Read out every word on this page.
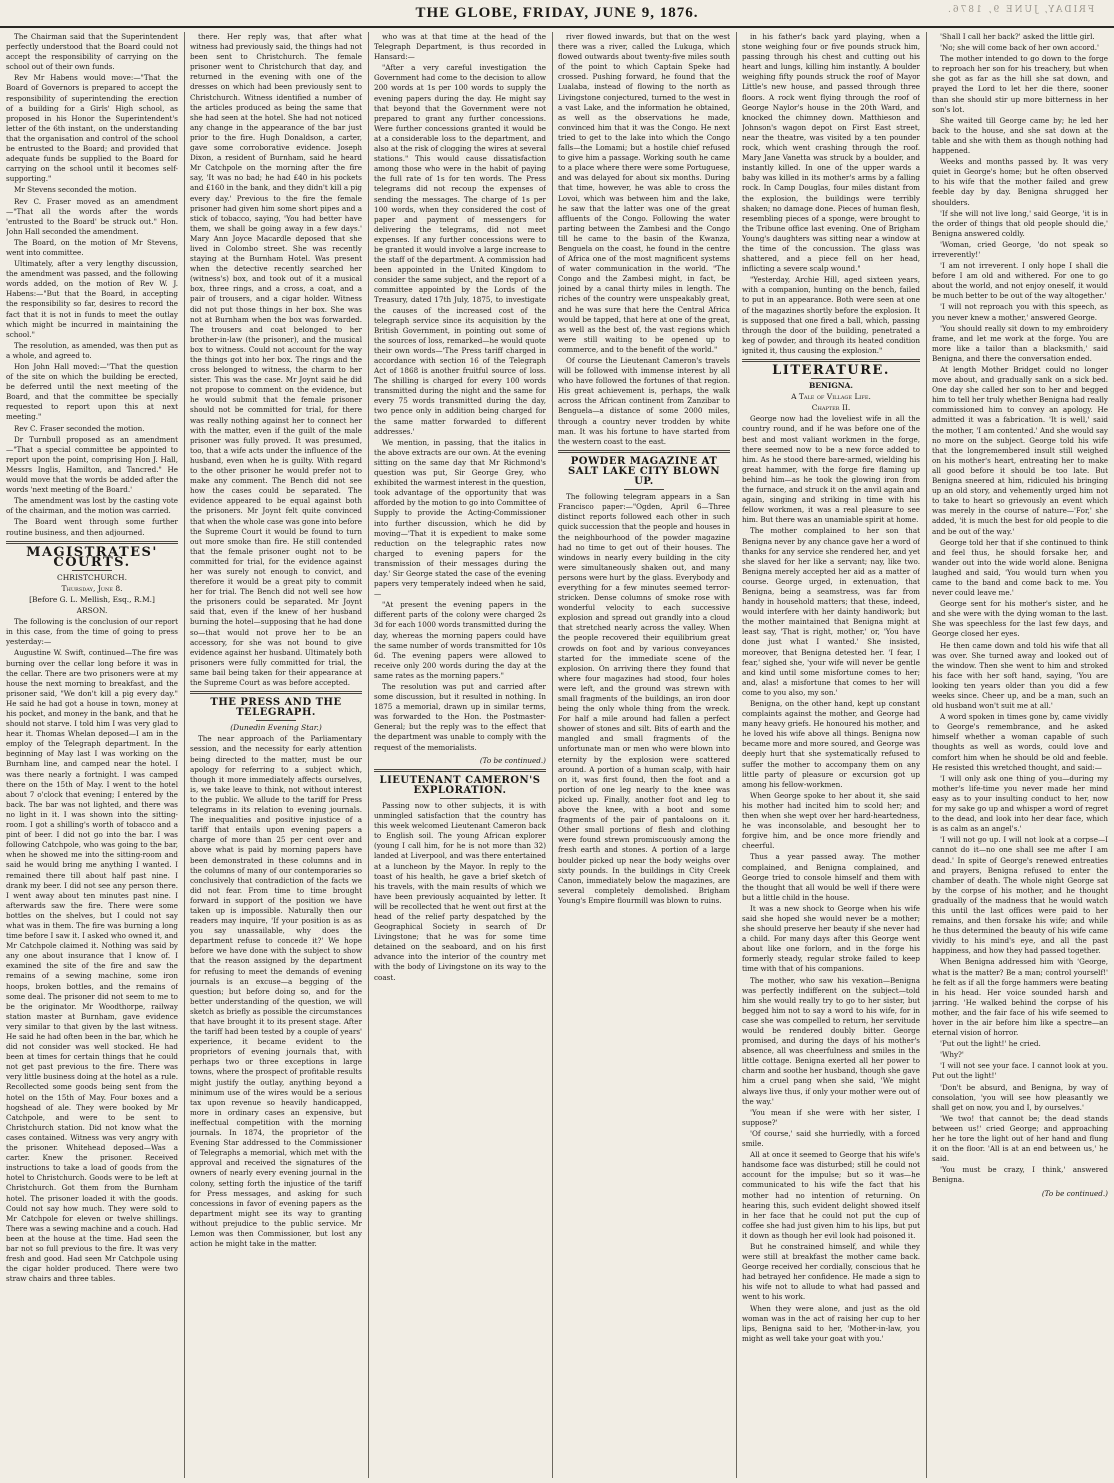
THE GLOBE, FRIDAY, JUNE 9, 1876.	FRIDAY, JUNE 9, 1876.

The Chairman said that the Superintendent perfectly understood that the Board could not accept the responsibility of carrying on the school out of their own funds.

Rev Mr Habens would move:—"That the Board of Governors is prepared to accept the responsibility of superintending the erection of a building for a Girls' High school, as proposed in his Honor the Superintendent's letter of the 6th instant, on the understanding that the organisation and control of the school be entrusted to the Board; and provided that adequate funds be supplied to the Board for carrying on the school until it becomes self-supporting."

Mr Stevens seconded the motion.

Rev C. Fraser moved as an amendment—"That all the words after the words 'entrusted to the Board' be struck out." Hon. John Hall seconded the amendment.

The Board, on the motion of Mr Stevens, went into committee.

Ultimately, after a very lengthy discussion, the amendment was passed, and the following words added, on the motion of Rev W. J. Habens:—"But that the Board, in accepting the responsibility so far, desires to record the fact that it is not in funds to meet the outlay which might be incurred in maintaining the school."

The resolution, as amended, was then put as a whole, and agreed to.

Hon John Hall moved:—"That the question of the site on which the building be erected, be deferred until the next meeting of the Board, and that the committee be specially requested to report upon this at next meeting."

Rev C. Fraser seconded the motion.

Dr Turnbull proposed as an amendment—"That a special committee be appointed to report upon the point, comprising Hon J. Hall, Messrs Inglis, Hamilton, and Tancred." He would move that the words be added after the words 'next meeting of the Board.'

The amendment was lost by the casting vote of the chairman, and the motion was carried.

The Board went through some further routine business, and then adjourned.

MAGISTRATES' COURTS.
CHRISTCHURCH.
Thursday, June 8.
[Before G. L. Mellish, Esq., R.M.]
ARSON.

The following is the conclusion of our report in this case, from the time of going to press yesterday:—

Augustine W. Swift, continued—The fire was burning over the cellar long before it was in the cellar. There are two prisoners were at my house the next morning to breakfast, and the prisoner said, "We don't kill a pig every day." He said he had got a house in town, money at his pocket, and money in the bank, and that he should not starve. I told him I was very glad to hear it. Thomas Whelan deposed—I am in the employ of the Telegraph department. In the beginning of May last I was working on the Burnham line, and camped near the hotel. I was there nearly a fortnight. I was camped there on the 15th of May. I went to the hotel about 7 o'clock that evening; I entered by the back. The bar was not lighted, and there was no light in it. I was shown into the sitting-room. I got a shilling's worth of tobacco and a pint of beer. I did not go into the bar. I was following Catchpole, who was going to the bar, when he showed me into the sitting-room and said he would bring me anything I wanted. I remained there till about half past nine. I drank my beer. I did not see any person there. I went away about ten minutes past nine. I afterwards saw the fire. There were some bottles on the shelves, but I could not say what was in them. The fire was burning a long time before I saw it. I asked who owned it, and Mr Catchpole claimed it. Nothing was said by any one about insurance that I know of. I examined the site of the fire and saw the remains of a sewing machine, some iron hoops, broken bottles, and the remains of some deal. The prisoner did not seem to me to be the originator. Mr Woodthorpe, railway station master at Burnham, gave evidence very similar to that given by the last witness. He said he had often been in the bar, which he did not consider was well stocked. He had been at times for certain things that he could not get past previous to the fire. There was very little business doing at the hotel as a rule. Recollected some goods being sent from the hotel on the 15th of May. Four boxes and a hogshead of ale. They were booked by Mr Catchpole, and were to be sent to Christchurch station. Did not know what the cases contained. Witness was very angry with the prisoner. Whitehead deposed—Was a carter. Knew the prisoner. Received instructions to take a load of goods from the hotel to Christchurch. Goods were to be left at Christchurch. Got them from the Burnham hotel. The prisoner loaded it with the goods. Could not say how much. They were sold to Mr Catchpole for eleven or twelve shillings. There was a sewing machine and a couch. Had been at the house at the time. Had seen the bar not so full previous to the fire. It was very fresh and good. Had seen Mr Catchpole using the cigar holder produced. There were two straw chairs and three tables.

there. Her reply was, that after what witness had previously said, the things had not been sent to Christchurch. The female prisoner went to Christchurch that day, and returned in the evening with one of the dresses on which had been previously sent to Christchurch. Witness identified a number of the articles produced as being the same that she had seen at the hotel. She had not noticed any change in the appearance of the bar just prior to the fire. Hugh Donaldson, a carter, gave some corroborative evidence. Joseph Dixon, a resident of Burnham, said he heard Mr Catchpole on the morning after the fire say, 'It was no bad; he had £40 in his pockets and £160 in the bank, and they didn't kill a pig every day.' Previous to the fire the female prisoner had given him some short pipes and a stick of tobacco, saying, 'You had better have them, we shall be going away in a few days.' Mary Ann Joyce Macardle deposed that she lived in Colombo street. She was recently staying at the Burnham Hotel. Was present when the detective recently searched her (witness's) box, and took out of it a musical box, three rings, and a cross, a coat, and a pair of trousers, and a cigar holder. Witness did not put those things in her box. She was not at Burnham when the box was forwarded. The trousers and coat belonged to her brother-in-law (the prisoner), and the musical box to witness. Could not account for the way the things got into her box. The rings and the cross belonged to witness, the charm to her sister. This was the case. Mr Joynt said he did not propose to comment on the evidence, but he would submit that the female prisoner should not be committed for trial, for there was really nothing against her to connect her with the matter, even if the guilt of the male prisoner was fully proved. It was presumed, too, that a wife acts under the influence of the husband, even when he is guilty. With regard to the other prisoner he would prefer not to make any comment. The Bench did not see how the cases could be separated. The evidence appeared to be equal against both the prisoners. Mr Joynt felt quite convinced that when the whole case was gone into before the Supreme Court it would be found to turn out more smoke than fire. He still contended that the female prisoner ought not to be committed for trial, for the evidence against her was surely not enough to convict, and therefore it would be a great pity to commit her for trial. The Bench did not well see how the prisoners could be separated. Mr Joynt said that, even if the knew of her husband burning the hotel—supposing that he had done so—that would not prove her to be an accessory, for she was not bound to give evidence against her husband. Ultimately both prisoners were fully committed for trial, the same bail being taken for their appearance at the Supreme Court as was before accepted.

THE PRESS AND THE TELEGRAPH.
(Dunedin Evening Star.)

The near approach of the Parliamentary session, and the necessity for early attention being directed to the matter, must be our apology for referring to a subject which, though it more immediately affects ourselves, is, we take leave to think, not without interest to the public. We allude to the tariff for Press telegrams in its relation to evening journals. The inequalities and positive injustice of a tariff that entails upon evening papers a charge of more than 25 per cent over and above what is paid by morning papers have been demonstrated in these columns and in the columns of many of our contemporaries so conclusively that contradiction of the facts we did not fear. From time to time brought forward in support of the position we have taken up is impossible. Naturally then our readers may inquire, 'If your position is as as you say unassailable, why does the department refuse to concede it?' We hope before we have done with the subject to show that the reason assigned by the department for refusing to meet the demands of evening journals is an excuse—a begging of the question; but before doing so, and for the better understanding of the question, we will sketch as briefly as possible the circumstances that have brought it to its present stage. After the tariff had been tested by a couple of years' experience, it became evident to the proprietors of evening journals that, with perhaps two or three exceptions in large towns, where the prospect of profitable results might justify the outlay, anything beyond a minimum use of the wires would be a serious tax upon revenue so heavily handicapped, more in ordinary cases an expensive, but ineffectual competition with the morning journals. In 1874, the proprietor of the Evening Star addressed to the Commissioner of Telegraphs a memorial, which met with the approval and received the signatures of the owners of nearly every evening journal in the colony, setting forth the injustice of the tariff for Press messages, and asking for such concessions in favor of evening papers as the department might see its way to granting without prejudice to the public service. Mr Lemon was then Commissioner, but lost any action he might take in the matter.

who was at that time at the head of the Telegraph Department, is thus recorded in Hansard:—

"After a very careful investigation the Government had come to the decision to allow 200 words at 1s per 100 words to supply the evening papers during the day. He might say that beyond that the Government were not prepared to grant any further concessions. Were further concessions granted it would be at a considerable loss to the department, and also at the risk of clogging the wires at several stations." This would cause dissatisfaction among those who were in the habit of paying the full rate of 1s for ten words. The Press telegrams did not recoup the expenses of sending the messages. The charge of 1s per 100 words, when they considered the cost of paper and payment of messengers for delivering the telegrams, did not meet expenses. If any further concessions were to be granted it would involve a large increase to the staff of the department. A commission had been appointed in the United Kingdom to consider the same subject, and the report of a committee appointed by the Lords of the Treasury, dated 17th July, 1875, to investigate the causes of the increased cost of the telegraph service since its acquisition by the British Government, in pointing out some of the sources of loss, remarked—he would quote their own words—'The Press tariff charged in accordance with section 16 of the Telegraph Act of 1868 is another fruitful source of loss. The shilling is charged for every 100 words transmitted during the night and the same for every 75 words transmitted during the day, two pence only in addition being charged for the same matter forwarded to different addresses.'

We mention, in passing, that the italics in the above extracts are our own. At the evening sitting on the same day that Mr Richmond's question was put, Sir George Grey, who exhibited the warmest interest in the question, took advantage of the opportunity that was afforded by the motion to go into Committee of Supply to provide the Acting-Commissioner into further discussion, which he did by moving—'That it is expedient to make some reduction on the telegraphic rates now charged to evening papers for the transmission of their messages during the day.' Sir George stated the case of the evening papers very temperately indeed when he said,—

"At present the evening papers in the different parts of the colony were charged 2s 3d for each 1000 words transmitted during the day, whereas the morning papers could have the same number of words transmitted for 10s 6d. The evening papers were allowed to receive only 200 words during the day at the same rates as the morning papers."

The resolution was put and carried after some discussion, but it resulted in nothing. In 1875 a memorial, drawn up in similar terms, was forwarded to the Hon. the Postmaster-General; but the reply was to the effect that the department was unable to comply with the request of the memorialists.

(To be continued.)
LIEUTENANT CAMERON'S EXPLORATION.

Passing now to other subjects, it is with unmingled satisfaction that the country has this week welcomed Lieutenant Cameron back to English soil. The young African explorer (young I call him, for he is not more than 32) landed at Liverpool, and was there entertained at a luncheon by the Mayor. In reply to the toast of his health, he gave a brief sketch of his travels, with the main results of which we have been previously acquainted by letter. It will be recollected that he went out first at the head of the relief party despatched by the Geographical Society in search of Dr Livingstone; that he was for some time detained on the seaboard, and on his first advance into the interior of the country met with the body of Livingstone on its way to the coast.

river flowed inwards, but that on the west there was a river, called the Lukuga, which flowed outwards about twenty-five miles south of the point to which Captain Speke had crossed. Pushing forward, he found that the Lualaba, instead of flowing to the north as Livingstone conjectured, turned to the west in a vast Lake, and the information he obtained, as well as the observations he made, convinced him that it was the Congo. He next tried to get to the lake into which the Congo falls—the Lomami; but a hostile chief refused to give him a passage. Working south he came to a place where there were some Portuguese, and was delayed for about six months. During that time, however, he was able to cross the Lovoi, which was between him and the lake, he saw that the latter was one of the great affluents of the Congo. Following the water parting between the Zambesi and the Congo till he came to the basin of the Kwanza, Benguela on the coast, he found in the centre of Africa one of the most magnificent systems of water communication in the world. "The Congo and the Zambesi might, in fact, be joined by a canal thirty miles in length. The riches of the country were unspeakably great, and he was sure that here the Central Africa would be tapped, that here at one of the great, as well as the best of, the vast regions which were still waiting to be opened up to commerce, and to the benefit of the world."

Of course the Lieutenant Cameron's travels will be followed with immense interest by all who have followed the fortunes of that region. His great achievement is, perhaps, the walk across the African continent from Zanzibar to Benguela—a distance of some 2000 miles, through a country never trodden by white man. It was his fortune to have started from the western coast to the east.

POWDER MAGAZINE AT SALT LAKE CITY BLOWN UP.

The following telegram appears in a San Francisco paper:—"Ogden, April 6—Three distinct reports followed each other in such quick succession that the people and houses in the neighbourhood of the powder magazine had no time to get out of their houses. The windows in nearly every building in the city were simultaneously shaken out, and many persons were hurt by the glass. Everybody and everything for a few minutes seemed terror-stricken. Dense columns of smoke rose with wonderful velocity to each successive explosion and spread out grandly into a cloud that stretched nearly across the valley. When the people recovered their equilibrium great crowds on foot and by various conveyances started for the immediate scene of the explosion. On arriving there they found that where four magazines had stood, four holes were left, and the ground was strewn with small fragments of the buildings, an iron door being the only whole thing from the wreck. For half a mile around had fallen a perfect shower of stones and silt. Bits of earth and the mangled and small fragments of the unfortunate man or men who were blown into eternity by the explosion were scattered around. A portion of a human scalp, with hair on it, was first found, then the foot and a portion of one leg nearly to the knee was picked up. Finally, another foot and leg to above the knee, with a boot and some fragments of the pair of pantaloons on it. Other small portions of flesh and clothing were found strewn promiscuously among the fresh earth and stones. A portion of a large boulder picked up near the body weighs over sixty pounds. In the buildings in City Creek Canon, immediately below the magazines, are several completely demolished. Brigham Young's Empire flourmill was blown to ruins.

in his father's back yard playing, when a stone weighing four or five pounds struck him, passing through his chest and cutting out his heart and lungs, killing him instantly. A boulder weighing fifty pounds struck the roof of Mayor Little's new house, and passed through three floors. A rock went flying through the roof of George Naylor's house in the 20th Ward, and knocked the chimney down. Matthieson and Johnson's wagon depot on First East street, near the theatre, was visited by a ten pounder rock, which went crashing through the roof. Mary Jane Vanetta was struck by a boulder, and instantly killed. In one of the upper wards a baby was killed in its mother's arms by a falling rock. In Camp Douglas, four miles distant from the explosion, the buildings were terribly shaken; no damage done. Pieces of human flesh, resembling pieces of a sponge, were brought to the Tribune office last evening. One of Brigham Young's daughters was sitting near a window at the time of the concussion. The glass was shattered, and a piece fell on her head, inflicting a severe scalp wound."

"Yesterday, Archie Hill, aged sixteen years, with a companion, hunting on the bench, failed to put in an appearance. Both were seen at one of the magazines shortly before the explosion. It is supposed that one fired a ball, which, passing through the door of the building, penetrated a keg of powder, and through its heated condition ignited it, thus causing the explosion."

LITERATURE.
BENIGNA.
A Tale of Village Life.
Chapter II.

George now had the loveliest wife in all the country round, and if he was before one of the best and most valiant workmen in the forge, there seemed now to be a new force added to him. As he stood there bare-armed, wielding his great hammer, with the forge fire flaming up behind him—as he took the glowing iron from the furnace, and struck it on the anvil again and again, singing and striking in time with his fellow workmen, it was a real pleasure to see him. But there was an unamiable spirit at home.

The mother complained to her son that Benigna never by any chance gave her a word of thanks for any service she rendered her, and yet she slaved for her like a servant; nay, like two. Benigna merely accepted her aid as a matter of course. George urged, in extenuation, that Benigna, being a seamstress, was far from handy in household matters; that these, indeed, would interfere with her dainty handiwork; but the mother maintained that Benigna might at least say, 'That is right, mother,' or, 'You have done just what I wanted.' She insisted, moreover, that Benigna detested her. 'I fear, I fear,' sighed she, 'your wife will never be gentle and kind until some misfortune comes to her; and, alas! a misfortune that comes to her will come to you also, my son.'

Benigna, on the other hand, kept up constant complaints against the mother, and George had many heavy griefs. He honoured his mother, and he loved his wife above all things. Benigna now became more and more soured, and George was deeply hurt that she systematically refused to suffer the mother to accompany them on any little party of pleasure or excursion got up among his fellow-workmen.

When George spoke to her about it, she said his mother had incited him to scold her; and then when she wept over her hard-heartedness, he was inconsolable, and besought her to forgive him, and be once more friendly and cheerful.

Thus a year passed away. The mother complained, and Benigna complained, and George tried to console himself and them with the thought that all would be well if there were but a little child in the house.

It was a new shock to George when his wife said she hoped she would never be a mother; she should preserve her beauty if she never had a child. For many days after this George went about like one forlorn, and in the forge his formerly steady, regular stroke failed to keep time with that of his companions.

The mother, who saw his vexation—Benigna was perfectly indifferent on the subject—told him she would really try to go to her sister, but begged him not to say a word to his wife, for in case she was compelled to return, her servitude would be rendered doubly bitter. George promised, and during the days of his mother's absence, all was cheerfulness and smiles in the little cottage. Benigna exerted all her power to charm and soothe her husband, though she gave him a cruel pang when she said, 'We might always live thus, if only your mother were out of the way.'

'You mean if she were with her sister, I suppose?'

'Of course,' said she hurriedly, with a forced smile.

All at once it seemed to George that his wife's handsome face was disturbed; still he could not account for the impulse; but so it was—he communicated to his wife the fact that his mother had no intention of returning. On hearing this, such evident delight showed itself in her face that he could not put the cup of coffee she had just given him to his lips, but put it down as though her evil look had poisoned it.

But he constrained himself, and while they were still at breakfast the mother came back. George received her cordially, conscious that he had betrayed her confidence. He made a sign to his wife not to allude to what had passed and went to his work.

When they were alone, and just as the old woman was in the act of raising her cup to her lips, Benigna said to her, 'Mother-in-law, you might as well take your goat with you.'

'Shall I call her back?' asked the little girl.

'No; she will come back of her own accord.'

The mother intended to go down to the forge to reproach her son for his treachery, but when she got as far as the hill she sat down, and prayed the Lord to let her die there, sooner than she should stir up more bitterness in her son's lot.

She waited till George came by; he led her back to the house, and she sat down at the table and she with them as though nothing had happened.

Weeks and months passed by. It was very quiet in George's home; but he often observed to his wife that the mother failed and grew feeble day by day. Benigna shrugged her shoulders.

'If she will not live long,' said George, 'it is in the order of things that old people should die,' Benigna answered coldly.

'Woman, cried George, 'do not speak so irreverently!'

'I am not irreverent. I only hope I shall die before I am old and withered. For one to go about the world, and not enjoy oneself, it would be much better to be out of the way altogether.'

'I will not reproach you with this speech, as you never knew a mother,' answered George.

'You should really sit down to my embroidery frame, and let me work at the forge. You are more like a tailor than a blacksmith,' said Benigna, and there the conversation ended.

At length Mother Bridget could no longer move about, and gradually sank on a sick bed. One day she called her son to her and begged him to tell her truly whether Benigna had really commissioned him to convey an apology. He admitted it was a fabrication. 'It is well,' said the mother, 'I am contented.' And she would say no more on the subject. George told his wife that the longremembered insult still weighed on his mother's heart, entreating her to make all good before it should be too late. But Benigna sneered at him, ridiculed his bringing up an old story, and vehemently urged him not to take to heart so grievously an event which was merely in the course of nature—'For,' she added, 'it is much the best for old people to die and be out of the way.'

George told her that if she continued to think and feel thus, he should forsake her, and wander out into the wide world alone. Benigna laughed and said, 'You would turn when you came to the band and come back to me. You never could leave me.'

George sent for his mother's sister, and he and she were with the dying woman to the last. She was speechless for the last few days, and George closed her eyes.

He then came down and told his wife that all was over. She turned away and looked out of the window. Then she went to him and stroked his face with her soft hand, saying, 'You are looking ten years older than you did a few weeks since. Cheer up, and be a man, such an old husband won't suit me at all.'

A word spoken in times gone by, came vividly to George's remembrance, and he asked himself whether a woman capable of such thoughts as well as words, could love and comfort him when he should be old and feeble. He resisted this wretched thought, and said:—

'I will only ask one thing of you—during my mother's life-time you never made her mind easy as to your insulting conduct to her, now for my sake go up and whisper a word of regret to the dead, and look into her dear face, which is as calm as an angel's.'

'I will not go up. I will not look at a corpse—I cannot do it—no one shall see me after I am dead.' In spite of George's renewed entreaties and prayers, Benigna refused to enter the chamber of death. The whole night George sat by the corpse of his mother, and he thought gradually of the madness that he would watch this until the last offices were paid to her remains, and then forsake his wife; and while he thus determined the beauty of his wife came vividly to his mind's eye, and all the past happiness, and how they had passed together.

When Benigna addressed him with 'George, what is the matter? Be a man; control yourself!' he felt as if all the forge hammers were beating in his head. Her voice sounded harsh and jarring. 'He walked behind the corpse of his mother, and the fair face of his wife seemed to hover in the air before him like a spectre—an eternal vision of horror.

'Put out the light!' he cried.

'Why?'

'I will not see your face. I cannot look at you. Put out the light!'

'Don't be absurd, and Benigna, by way of consolation, 'you will see how pleasantly we shall get on now, you and I, by ourselves.'

'We two! that cannot be; the dead stands between us!' cried George; and approaching her he tore the light out of her hand and flung it on the floor. 'All is at an end between us,' he said.

'You must be crazy, I think,' answered Benigna.

(To be continued.)
